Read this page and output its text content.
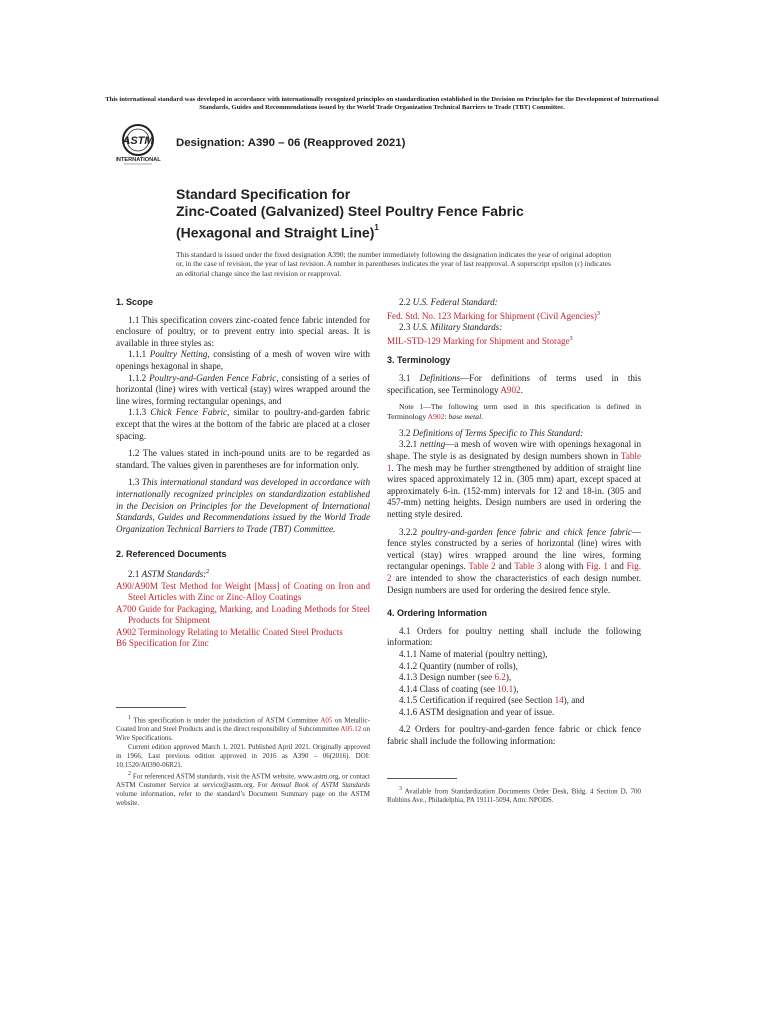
This international standard was developed in accordance with internationally recognized principles on standardization established in the Decision on Principles for the Development of International Standards, Guides and Recommendations issued by the World Trade Organization Technical Barriers to Trade (TBT) Committee.
ASTM
INTERNATIONAL
Designation: A390 – 06 (Reapproved 2021)
Standard Specification for
Zinc-Coated (Galvanized) Steel Poultry Fence Fabric
(Hexagonal and Straight Line)$^1$
This standard is issued under the fixed designation A390; the number immediately following the designation indicates the year of original adoption or, in the case of revision, the year of last revision. A number in parentheses indicates the year of last reapproval. A superscript epsilon (ε) indicates an editorial change since the last revision or reapproval.

1. Scope

1.1 This specification covers zinc-coated fence fabric intended for enclosure of poultry, or to prevent entry into special areas. It is available in three styles as:

1.1.1 Poultry Netting, consisting of a mesh of woven wire with openings hexagonal in shape,

1.1.2 Poultry-and-Garden Fence Fabric, consisting of a series of horizontal (line) wires with vertical (stay) wires wrapped around the line wires, forming rectangular openings, and

1.1.3 Chick Fence Fabric, similar to poultry-and-garden fabric except that the wires at the bottom of the fabric are placed at a closer spacing.

1.2 The values stated in inch-pound units are to be regarded as standard. The values given in parentheses are for information only.

1.3 This international standard was developed in accordance with internationally recognized principles on standardization established in the Decision on Principles for the Development of International Standards, Guides and Recommendations issued by the World Trade Organization Technical Barriers to Trade (TBT) Committee.

2. Referenced Documents

2.1 ASTM Standards:$^2$

A90/A90M Test Method for Weight [Mass] of Coating on Iron and Steel Articles with Zinc or Zinc-Alloy Coatings

A700 Guide for Packaging, Marking, and Loading Methods for Steel Products for Shipment

A902 Terminology Relating to Metallic Coated Steel Products

B6 Specification for Zinc

$^1$ This specification is under the jurisdiction of ASTM Committee A05 on Metallic-Coated Iron and Steel Products and is the direct responsibility of Subcommittee A05.12 on Wire Specifications.

Current edition approved March 1, 2021. Published April 2021. Originally approved in 1966. Last previous edition approved in 2016 as A390 – 06(2016). DOI: 10.1520/A0390-06R21.

$^2$ For referenced ASTM standards, visit the ASTM website, www.astm.org, or contact ASTM Customer Service at service@astm.org. For Annual Book of ASTM Standards volume information, refer to the standard’s Document Summary page on the ASTM website.

2.2 U.S. Federal Standard:

Fed. Std. No. 123 Marking for Shipment (Civil Agencies)$^3$

2.3 U.S. Military Standards:

MIL-STD-129 Marking for Shipment and Storage$^3$

3. Terminology

3.1 Definitions—For definitions of terms used in this specification, see Terminology A902.

Note 1—The following term used in this specification is defined in Terminology A902: base metal.

3.2 Definitions of Terms Specific to This Standard:

3.2.1 netting—a mesh of woven wire with openings hexagonal in shape. The style is as designated by design numbers shown in Table 1. The mesh may be further strengthened by addition of straight line wires spaced approximately 12 in. (305 mm) apart, except spaced at approximately 6-in. (152-mm) intervals for 12 and 18-in. (305 and 457-mm) netting heights. Design numbers are used in ordering the netting style desired.

3.2.2 poultry-and-garden fence fabric and chick fence fabric—fence styles constructed by a series of horizontal (line) wires with vertical (stay) wires wrapped around the line wires, forming rectangular openings. Table 2 and Table 3 along with Fig. 1 and Fig. 2 are intended to show the characteristics of each design number. Design numbers are used for ordering the desired fence style.

4. Ordering Information

4.1 Orders for poultry netting shall include the following information:

4.1.1 Name of material (poultry netting),

4.1.2 Quantity (number of rolls),

4.1.3 Design number (see 6.2),

4.1.4 Class of coating (see 10.1),

4.1.5 Certification if required (see Section 14), and

4.1.6 ASTM designation and year of issue.

4.2 Orders for poultry-and-garden fence fabric or chick fence fabric shall include the following information:

$^3$ Available from Standardization Documents Order Desk, Bldg. 4 Section D, 700 Robbins Ave., Philadelphia, PA 19111-5094, Attn: NPODS.
